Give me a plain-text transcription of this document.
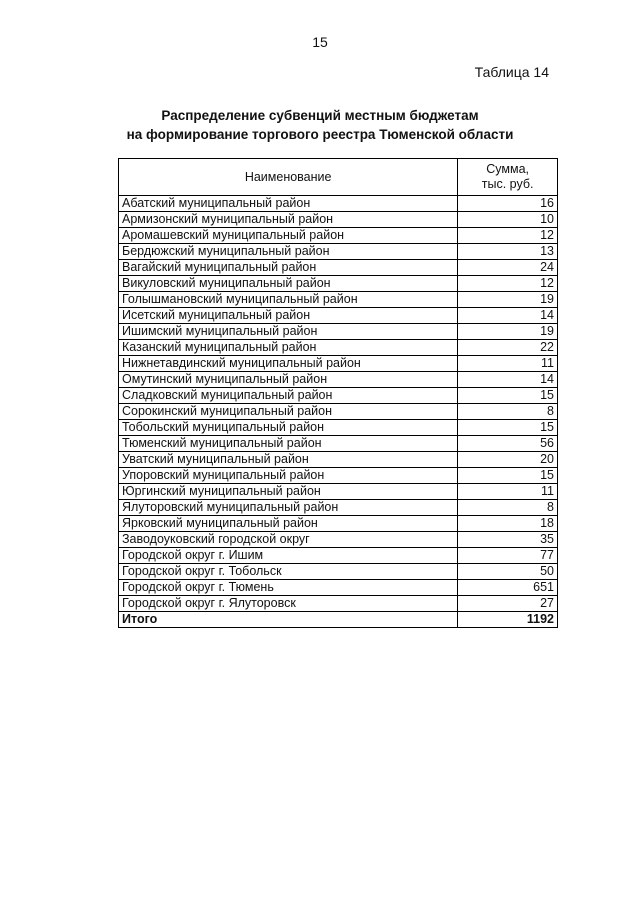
15
Таблица 14
Распределение субвенций местным бюджетам
на формирование торгового реестра Тюменской области
Наименование	Сумма,
тыс. руб.

Абатский муниципальный район	16
Армизонский муниципальный район	10
Аромашевский муниципальный район	12
Бердюжский муниципальный район	13
Вагайский муниципальный район	24
Викуловский муниципальный район	12
Голышмановский муниципальный район	19
Исетский муниципальный район	14
Ишимский муниципальный район	19
Казанский муниципальный район	22
Нижнетавдинский муниципальный район	11
Омутинский муниципальный район	14
Сладковский муниципальный район	15
Сорокинский муниципальный район	8
Тобольский муниципальный район	15
Тюменский муниципальный район	56
Уватский муниципальный район	20
Упоровский муниципальный район	15
Юргинский муниципальный район	11
Ялуторовский муниципальный район	8
Ярковский муниципальный район	18
Заводоуковский городской округ	35
Городской округ г. Ишим	77
Городской округ г. Тобольск	50
Городской округ г. Тюмень	651
Городской округ г. Ялуторовск	27
Итого	1192
